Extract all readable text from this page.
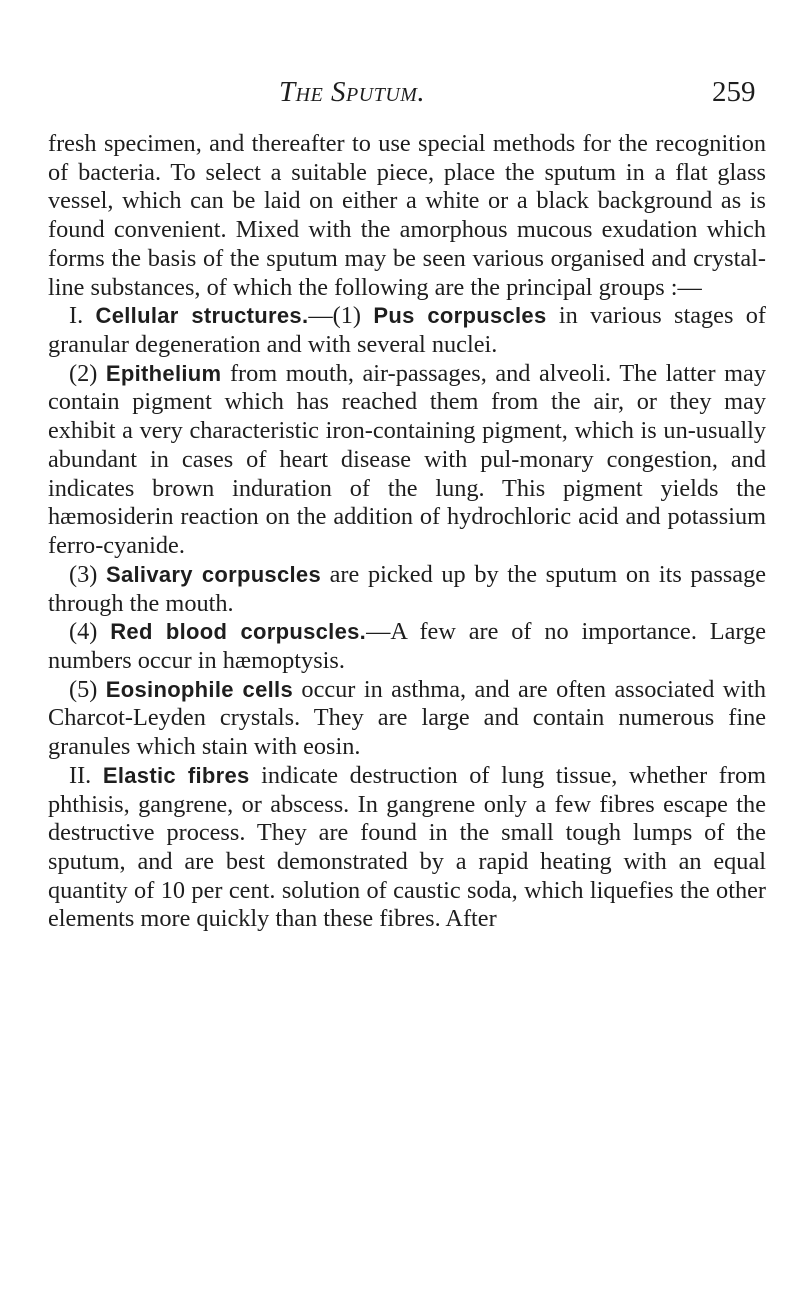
The Sputum.	259

fresh specimen, and thereafter to use special methods for the recognition of bacteria. To select a suitable piece, place the sputum in a flat glass vessel, which can be laid on either a white or a black background as is found convenient. Mixed with the amorphous mucous exudation which forms the basis of the sputum may be seen various organised and crystal-line substances, of which the following are the principal groups :—

I. Cellular structures.—(1) Pus corpuscles in various stages of granular degeneration and with several nuclei.

(2) Epithelium from mouth, air-passages, and alveoli. The latter may contain pigment which has reached them from the air, or they may exhibit a very characteristic iron-containing pigment, which is un-usually abundant in cases of heart disease with pul-monary congestion, and indicates brown induration of the lung. This pigment yields the hæmosiderin reaction on the addition of hydrochloric acid and potassium ferro-cyanide.

(3) Salivary corpuscles are picked up by the sputum on its passage through the mouth.

(4) Red blood corpuscles.—A few are of no importance. Large numbers occur in hæmoptysis.

(5) Eosinophile cells occur in asthma, and are often associated with Charcot-Leyden crystals. They are large and contain numerous fine granules which stain with eosin.

II. Elastic fibres indicate destruction of lung tissue, whether from phthisis, gangrene, or abscess. In gangrene only a few fibres escape the destructive process. They are found in the small tough lumps of the sputum, and are best demonstrated by a rapid heating with an equal quantity of 10 per cent. solution of caustic soda, which liquefies the other elements more quickly than these fibres. After
